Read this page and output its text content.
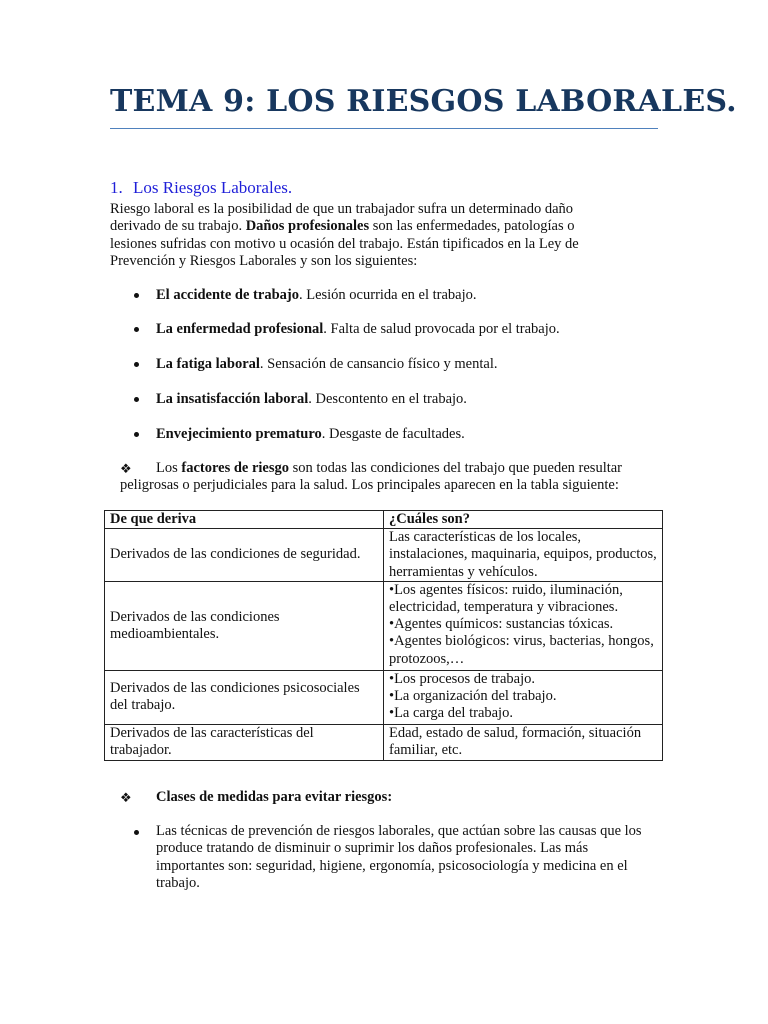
TEMA 9: LOS RIESGOS LABORALES.
1. Los Riesgos Laborales.

Riesgo laboral es la posibilidad de que un trabajador sufra un determinado daño derivado de su trabajo. Daños profesionales son las enfermedades, patologías o lesiones sufridas con motivo u ocasión del trabajo. Están tipificados en la Ley de Prevención y Riesgos Laborales y son los siguientes:

El accidente de trabajo. Lesión ocurrida en el trabajo.
La enfermedad profesional. Falta de salud provocada por el trabajo.
La fatiga laboral. Sensación de cansancio físico y mental.
La insatisfacción laboral. Descontento en el trabajo.
Envejecimiento prematuro. Desgaste de facultades.
❖	Los factores de riesgo son todas las condiciones del trabajo que pueden resultar peligrosas o perjudiciales para la salud. Los principales aparecen en la tabla siguiente:

De que deriva	¿Cuáles son?
Derivados de las condiciones de seguridad.	Las características de los locales, instalaciones, maquinaria, equipos, productos, herramientas y vehículos.

Derivados de las condiciones medioambientales.	•Los agentes físicos: ruido, iluminación, electricidad, temperatura y vibraciones.
•Agentes químicos: sustancias tóxicas.
•Agentes biológicos: virus, bacterias, hongos, protozoos,…

Derivados de las condiciones psicosociales del trabajo.	•Los procesos de trabajo.
•La organización del trabajo.
•La carga del trabajo.

Derivados de las características del trabajador.	Edad, estado de salud, formación, situación familiar, etc.
❖ Clases de medidas para evitar riesgos:

Las técnicas de prevención de riesgos laborales, que actúan sobre las causas que los produce tratando de disminuir o suprimir los daños profesionales. Las más importantes son: seguridad, higiene, ergonomía, psicosociología y medicina en el trabajo.
